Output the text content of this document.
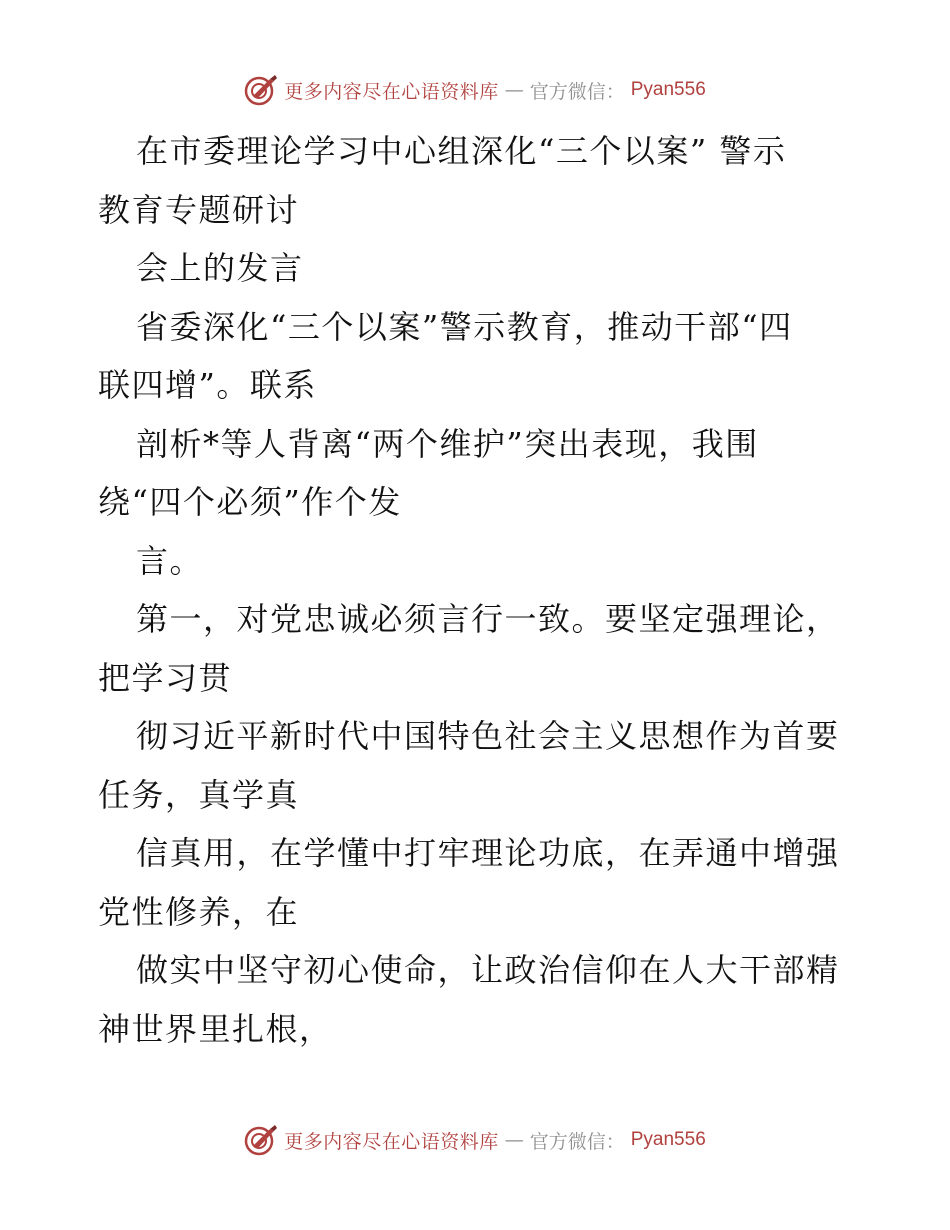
更多内容尽在心语资料库 — 官方微信： Pyan556
在市委理论学习中心组深化“三个以案” 警示
教育专题研讨
会上的发言
省委深化“三个以案”警示教育，推动干部“四
联四增”。联系
剖析*等人背离“两个维护”突出表现，我围
绕“四个必须”作个发
言。
第一，对党忠诚必须言行一致。要坚定强理论，
把学习贯
彻习近平新时代中国特色社会主义思想作为首要
任务，真学真
信真用，在学懂中打牢理论功底，在弄通中增强
党性修养，在
做实中坚守初心使命，让政治信仰在人大干部精
神世界里扎根，
更多内容尽在心语资料库 — 官方微信： Pyan556
